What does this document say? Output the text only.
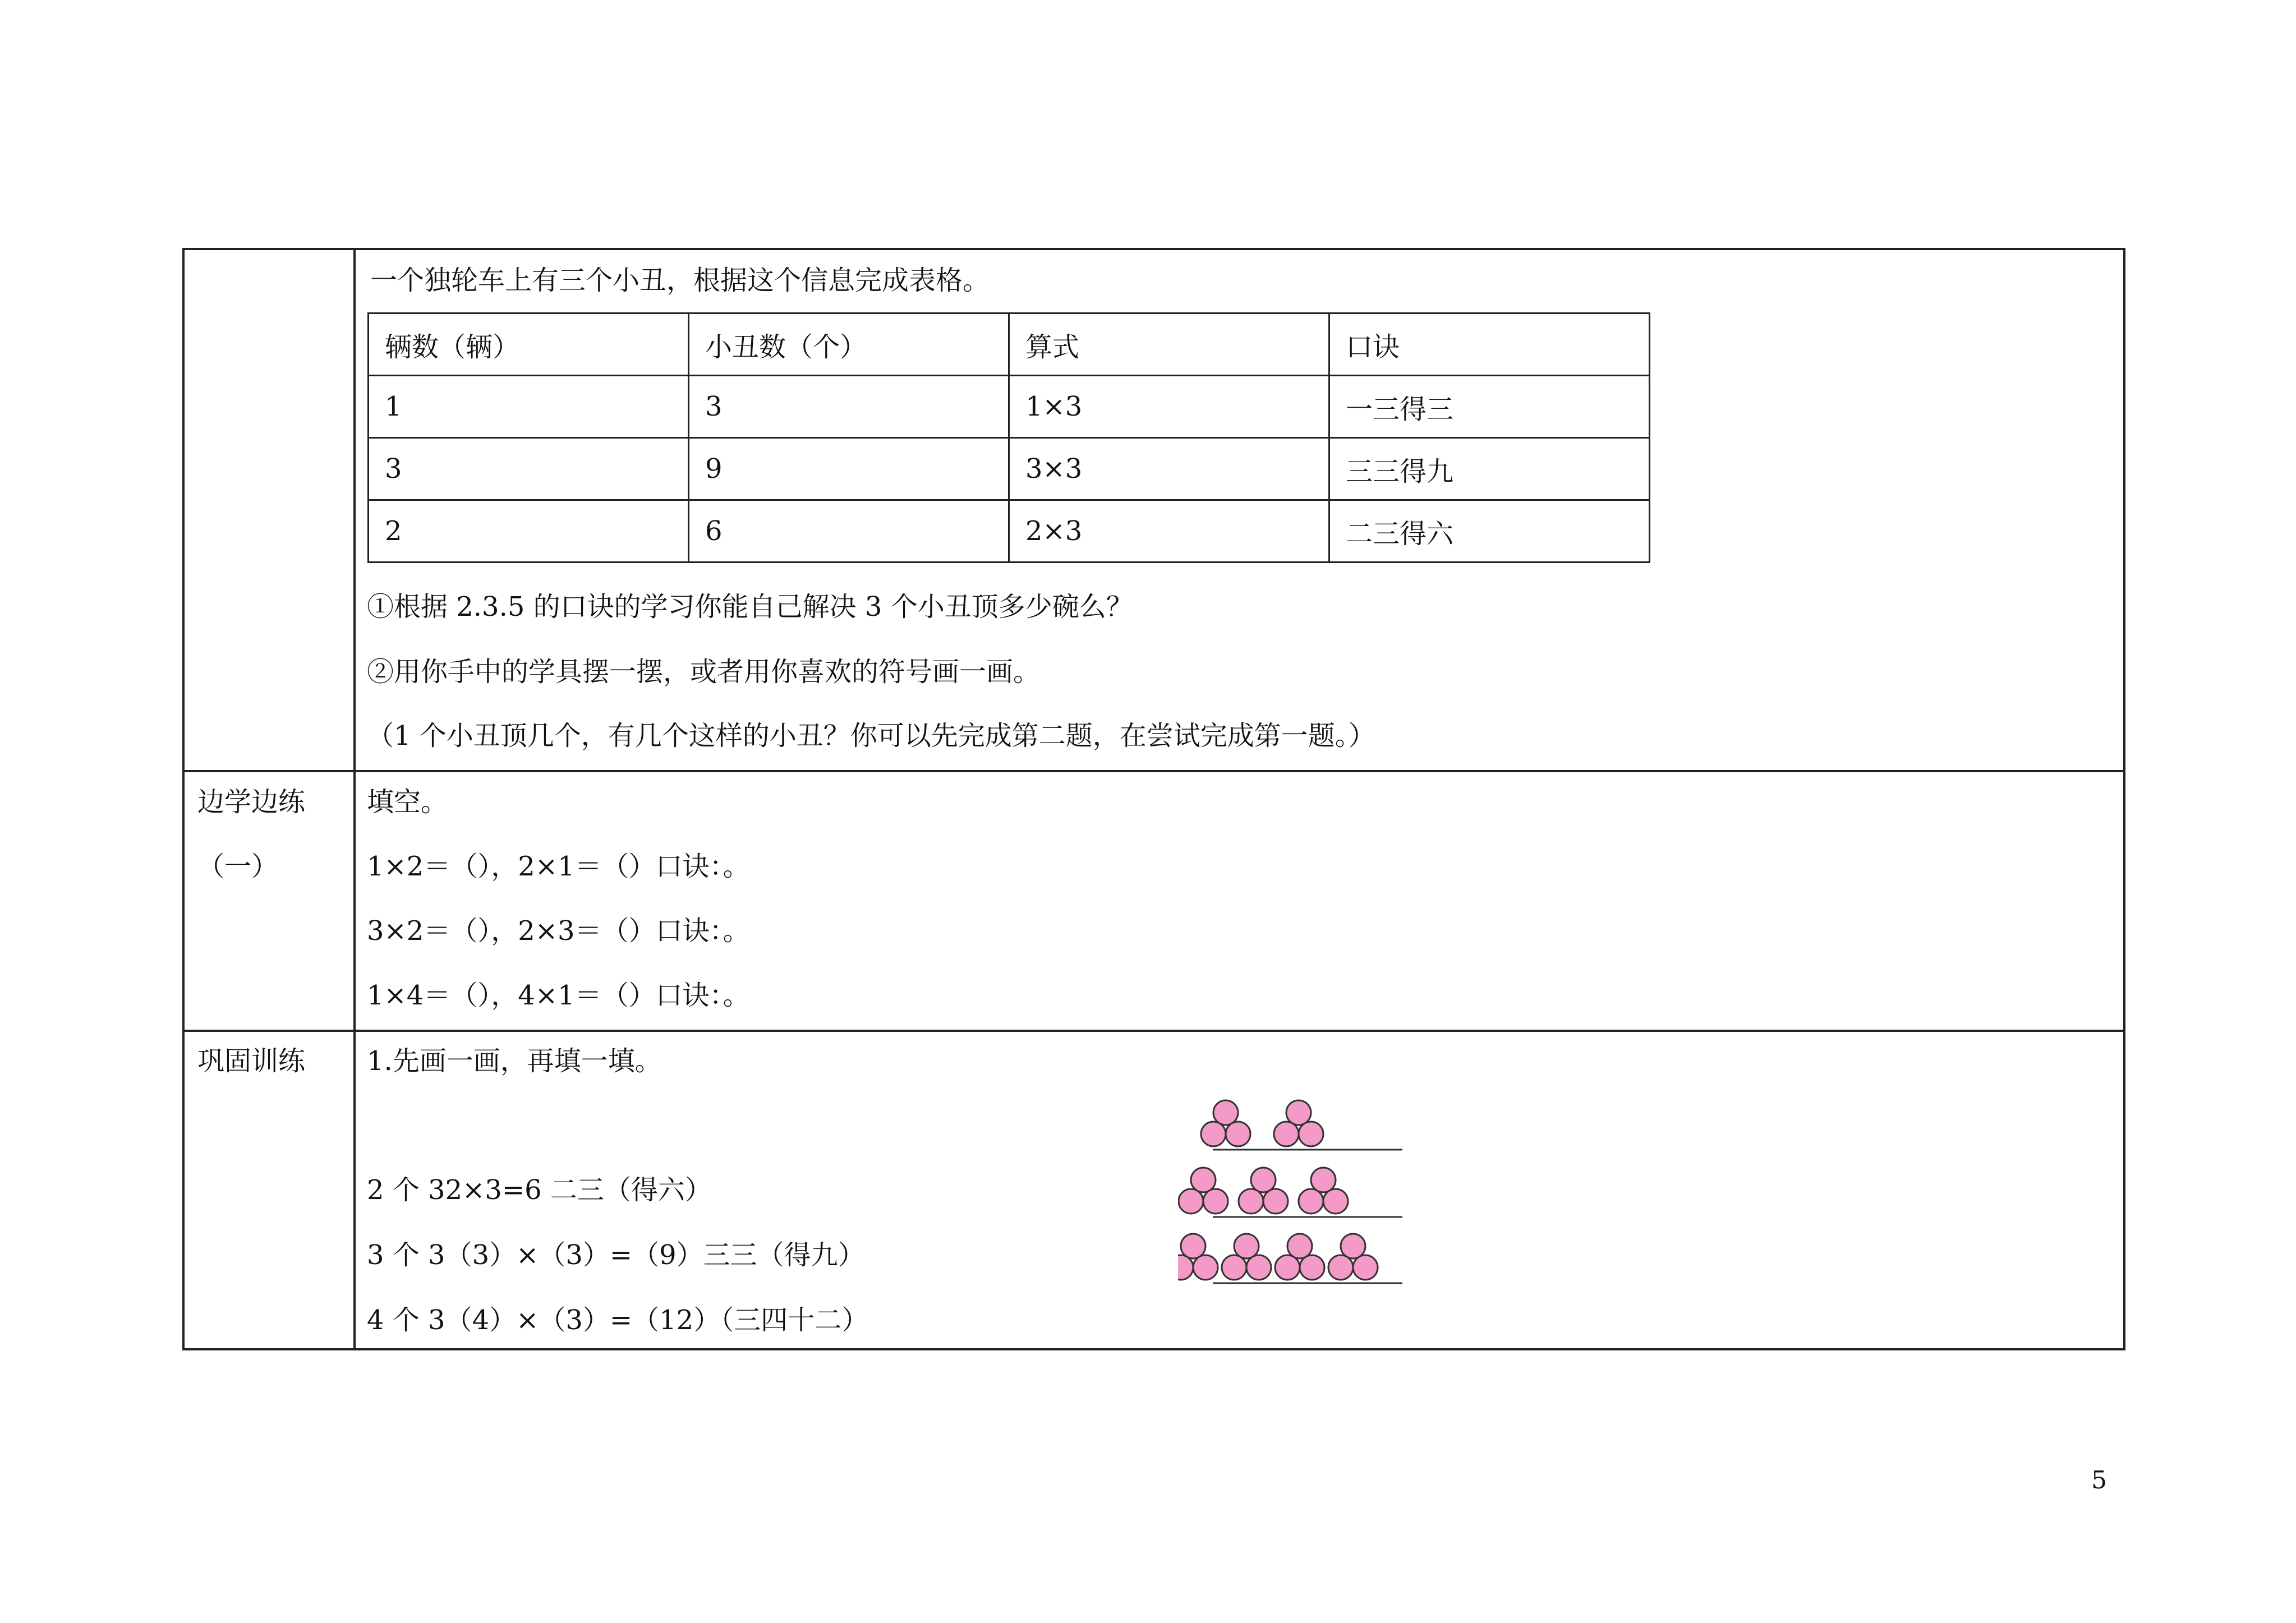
一个独轮车上有三个小丑，根据这个信息完成表格。
辆数（辆）	小丑数（个）	算式	口诀
1	3	1×3	一三得三
3	9	3×3	三三得九
2	6	2×3	二三得六
①根据 2.3.5 的口诀的学习你能自己解决 3 个小丑顶多少碗么？
②用你手中的学具摆一摆，或者用你喜欢的符号画一画。
（1 个小丑顶几个，有几个这样的小丑？你可以先完成第二题，在尝试完成第一题。）
边学边练
（一）
填空。
1×2＝（），2×1＝（）口诀：。
3×2＝（），2×3＝（）口诀：。
1×4＝（），4×1＝（）口诀：。
巩固训练 1.先画一画，再填一填。
2 个 32×3=6 二三（得六）
3 个 3（3）×（3）=（9）三三（得九）
4 个 3（4）×（3）=（12）（三四十二）
5
